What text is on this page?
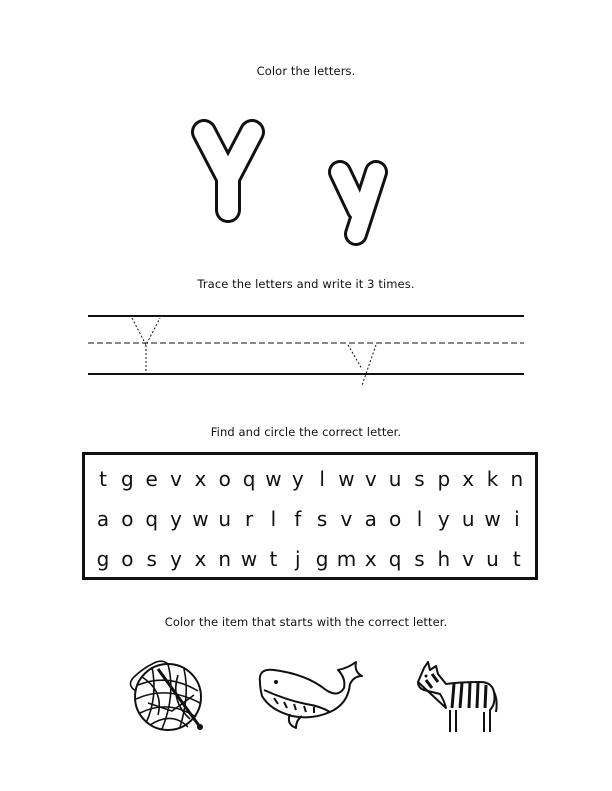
Color the letters.
Trace the letters and write it 3 times.
Find and circle the correct letter.
t g e v x o q w y l w v u s p x k n
a o q y w u r l f s v a o l y u w i
g o s y x n w t j g m x q s h v u t
Color the item that starts with the correct letter.
